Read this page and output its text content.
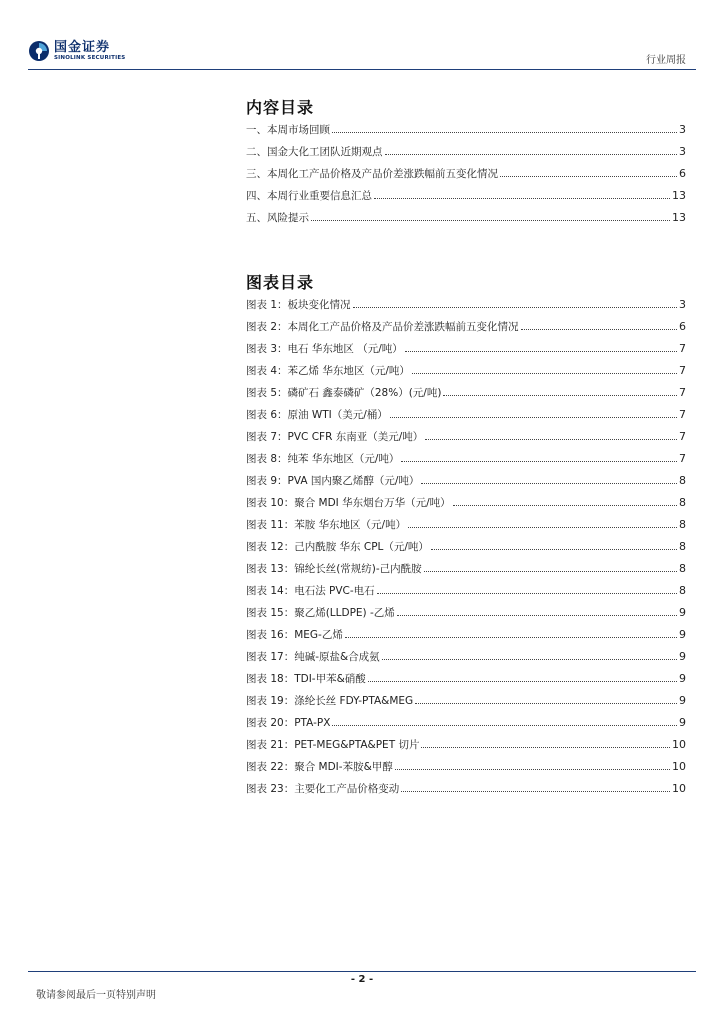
国金证券
SINOLINK SECURITIES	行业周报
内容目录
一、本周市场回顾	3
二、国金大化工团队近期观点	3
三、本周化工产品价格及产品价差涨跌幅前五变化情况	6
四、本周行业重要信息汇总	13
五、风险提示	13
图表目录
图表 1：板块变化情况	3
图表 2：本周化工产品价格及产品价差涨跌幅前五变化情况	6
图表 3：电石 华东地区 （元/吨）	7
图表 4：苯乙烯 华东地区（元/吨）	7
图表 5：磷矿石 鑫泰磷矿（28%）(元/吨)	7
图表 6：原油 WTI（美元/桶）	7
图表 7：PVC CFR 东南亚（美元/吨）	7
图表 8：纯苯 华东地区（元/吨）	7
图表 9：PVA 国内聚乙烯醇（元/吨）	8
图表 10：聚合 MDI 华东烟台万华（元/吨）	8
图表 11：苯胺 华东地区（元/吨）	8
图表 12：己内酰胺 华东 CPL（元/吨）	8
图表 13：锦纶长丝(常规纺)-己内酰胺	8
图表 14：电石法 PVC-电石	8
图表 15：聚乙烯(LLDPE) -乙烯	9
图表 16：MEG-乙烯	9
图表 17：纯碱-原盐&合成氨	9
图表 18：TDI-甲苯&硝酸	9
图表 19：涤纶长丝 FDY-PTA&MEG	9
图表 20：PTA-PX	9
图表 21：PET-MEG&PTA&PET 切片	10
图表 22：聚合 MDI-苯胺&甲醇	10
图表 23：主要化工产品价格变动	10
- 2 -
敬请参阅最后一页特别声明
